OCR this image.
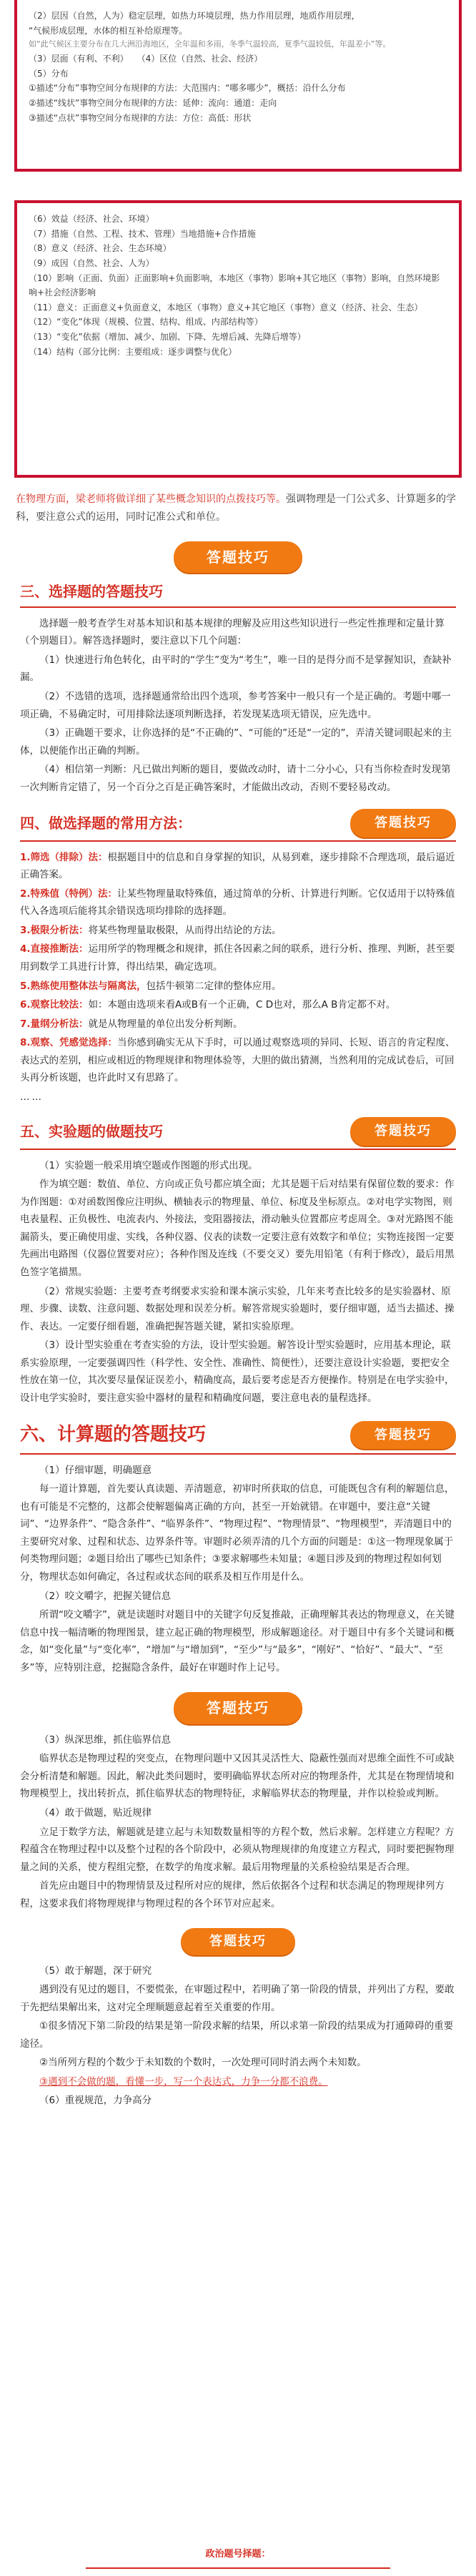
（2）层因（自然，人为）稳定层理，如热力环境层理，热力作用层理，地质作用层理，

“气候形成层理，水体的相互补给原理等。

如“此气候区主要分布在几大洲沿海地区，全年温和多雨，冬季气温较高，夏季气温较低，年温差小”等。

（3）层面（有利、不利）　　（4）区位（自然、社会、经济）

（5）分布

①描述“分布”事物空间分布规律的方法：大范围内：“哪多哪少”，概括：沿什么分布

②描述“线状”事物空间分布规律的方法：延伸：流向：通道：走向

③描述“点状”事物空间分布规律的方法：方位：高低：形状

（6）效益（经济、社会、环境）

（7）措施（自然、工程、技术、管理）当地措施+合作措施

（8）意义（经济、社会、生态环境）

（9）成因（自然、社会、人为）

（10）影响（正面、负面）正面影响+负面影响，本地区（事物）影响+其它地区（事物）影响，自然环境影响+社会经济影响

（11）意义：正面意义+负面意义，本地区（事物）意义+其它地区（事物）意义（经济、社会、生态）

（12）“变化”体现（规模、位置、结构、组成、内部结构等）

（13）“变化”依据（增加、减少、加剧、下降、先增后减、先降后增等）

（14）结构（部分比例：主要组成：逐步调整与优化）

在物理方面，梁老师将做详细了某些概念知识的点拨技巧等。强调物理是一门公式多、计算题多的学科，要注意公式的运用，同时记准公式和单位。

答题技巧
三、选择题的答题技巧

选择题一般考查学生对基本知识和基本规律的理解及应用这些知识进行一些定性推理和定量计算（个别题目）。解答选择题时，要注意以下几个问题：

（1）快速进行角色转化，由平时的“学生”变为“考生”，唯一目的是得分而不是掌握知识，查缺补漏。

（2）不选错的选项，选择题通常给出四个选项，参考答案中一般只有一个是正确的。考题中哪一项正确，不易确定时，可用排除法逐项判断选择，若发现某选项无错误，应先选中。

（3）正确题干要求，让你选择的是“不正确的”、“可能的”还是“一定的”，弄清关键词眼起来的主体，以便能作出正确的判断。

（4）相信第一判断：凡已做出判断的题目，要做改动时，请十二分小心，只有当你检查时发现第一次判断肯定错了，另一个百分之百是正确答案时，才能做出改动，否则不要轻易改动。

四、做选择题的常用方法：	答题技巧

1.筛选（排除）法：根据题目中的信息和自身掌握的知识，从易到难，逐步排除不合理选项，最后逼近正确答案。

2.特殊值（特例）法：让某些物理量取特殊值，通过简单的分析、计算进行判断。它仅适用于以特殊值代入各选项后能将其余错误选项均排除的选择题。

3.极限分析法：将某些物理量取极限，从而得出结论的方法。

4.直接推断法：运用所学的物理概念和规律，抓住各因素之间的联系，进行分析、推理、判断，甚至要用到数学工具进行计算，得出结果，确定选项。

5.熟练使用整体法与隔离法，包括牛顿第二定律的整体应用。

6.观察比较法：如：本题由选项来看A或B有一个正确，C D也对，那么A B肯定都不对。

7.量纲分析法：就是从物理量的单位出发分析判断。

8.观察、凭感觉选择：当你感到确实无从下手时，可以通过观察选项的异同、长短、语言的肯定程度、表达式的差别，相应或相近的物理规律和物理体验等，大胆的做出猜测，当然利用的完成试卷后，可回头再分析该题，也许此时又有思路了。

……

五、实验题的做题技巧	答题技巧

（1）实验题一般采用填空题或作图题的形式出现。

作为填空题：数值、单位、方向或正负号都应填全面；尤其是题干后对结果有保留位数的要求：作为作图题：①对函数图像应注明纵、横轴表示的物理量、单位、标度及坐标原点。②对电学实物图，则电表量程、正负极性、电流表内、外接法，变阻器接法，滑动触头位置都应考虑周全。③对光路图不能漏箭头，要正确使用虚、实线，各种仪器、仪表的读数一定要注意有效数字和单位；实物连接图一定要先画出电路图（仪器位置要对应）；各种作图及连线（不要交叉）要先用铅笔（有利于修改），最后用黑色签字笔描黑。

（2）常规实验题：主要考查考纲要求实验和课本演示实验，几年来考查比较多的是实验器材、原理、步骤、读数、注意问题、数据处理和误差分析。解答常规实验题时，要仔细审题，适当去描述、操作、表达。一定要仔细看题，准确把握答题关键，紧扣实验原理。

（3）设计型实验重在考查实验的方法，设计型实验题。解答设计型实验题时，应用基本理论，联系实验原理，一定要强调四性（科学性、安全性、准确性、简便性），还要注意设计实验题，要把安全性放在第一位，其次要尽量保证误差小，精确度高，最后要考虑是否方便操作。特别是在电学实验中，设计电学实验时，要注意实验中器材的量程和精确度问题，要注意电表的量程选择。

六、计算题的答题技巧	答题技巧

（1）仔细审题，明确题意

每一道计算题，首先要认真读题、弄清题意，初审时所获取的信息，可能既包含有利的解题信息，也有可能是不完整的，这都会使解题偏离正确的方向，甚至一开始就错。在审题中，要注意“关键词”、“边界条件”、“隐含条件”、“临界条件”、“物理过程”、“物理情景”、“物理模型”，弄清题目中的主要研究对象、过程和状态、边界条件等。审题时必须弄清的几个方面的问题是：①这一物理现象属于何类物理问题；②题目给出了哪些已知条件；③要求解哪些未知量；④题目涉及到的物理过程如何划分，物理状态如何确定，各过程或状态间的联系及相互作用是什么。

（2）咬文嚼字，把握关键信息

所谓“咬文嚼字”，就是读题时对题目中的关键字句反复推敲，正确理解其表达的物理意义，在关键信息中找一幅清晰的物理图景，建立起正确的物理模型，形成解题途径。对于题目中有多个关键词和概念，如“变化量”与“变化率”，“增加”与“增加到”，“至少”与“最多”，“刚好”、“恰好”、“最大”、“至多”等，应特别注意，挖掘隐含条件，最好在审题时作上记号。

答题技巧

（3）纵深思维，抓住临界信息

临界状态是物理过程的突变点，在物理问题中又因其灵活性大、隐蔽性强而对思维全面性不可或缺会分析清楚和解题。因此，解决此类问题时，要明确临界状态所对应的物理条件，尤其是在物理情境和物理模型上，找出转折点，抓住临界状态的物理特征，求解临界状态的物理量，并作以检验或判断。

（4）敢于做题，贴近规律

立足于数学方法，解题就是建立起与未知数数量相等的方程个数，然后求解。怎样建立方程呢？方程蕴含在物理过程中以及整个过程的各个阶段中，必须从物理规律的角度建立方程式，同时要把握物理量之间的关系，使方程组完整，在数学的角度求解。最后用物理量的关系检验结果是否合理。

首先应由题目中的物理情景及过程所对应的规律，然后依据各个过程和状态满足的物理规律列方程，这要求我们将物理规律与物理过程的各个环节对应起来。

答题技巧

（5）敢于解题，深于研究

遇到没有见过的题目，不要慌张，在审题过程中，若明确了第一阶段的情景，并列出了方程，要敢于先把结果解出来，这对完全理顺题意起着至关重要的作用。

①很多情况下第二阶段的结果是第一阶段求解的结果，所以求第一阶段的结果成为打通障碍的重要途径。

②当所列方程的个数少于未知数的个数时，一次处理可同时消去两个未知数。

③遇到不会做的题，看懂一步，写一个表达式，力争一分都不浪费。

（6）重视规范，力争高分

政治题号择题：
